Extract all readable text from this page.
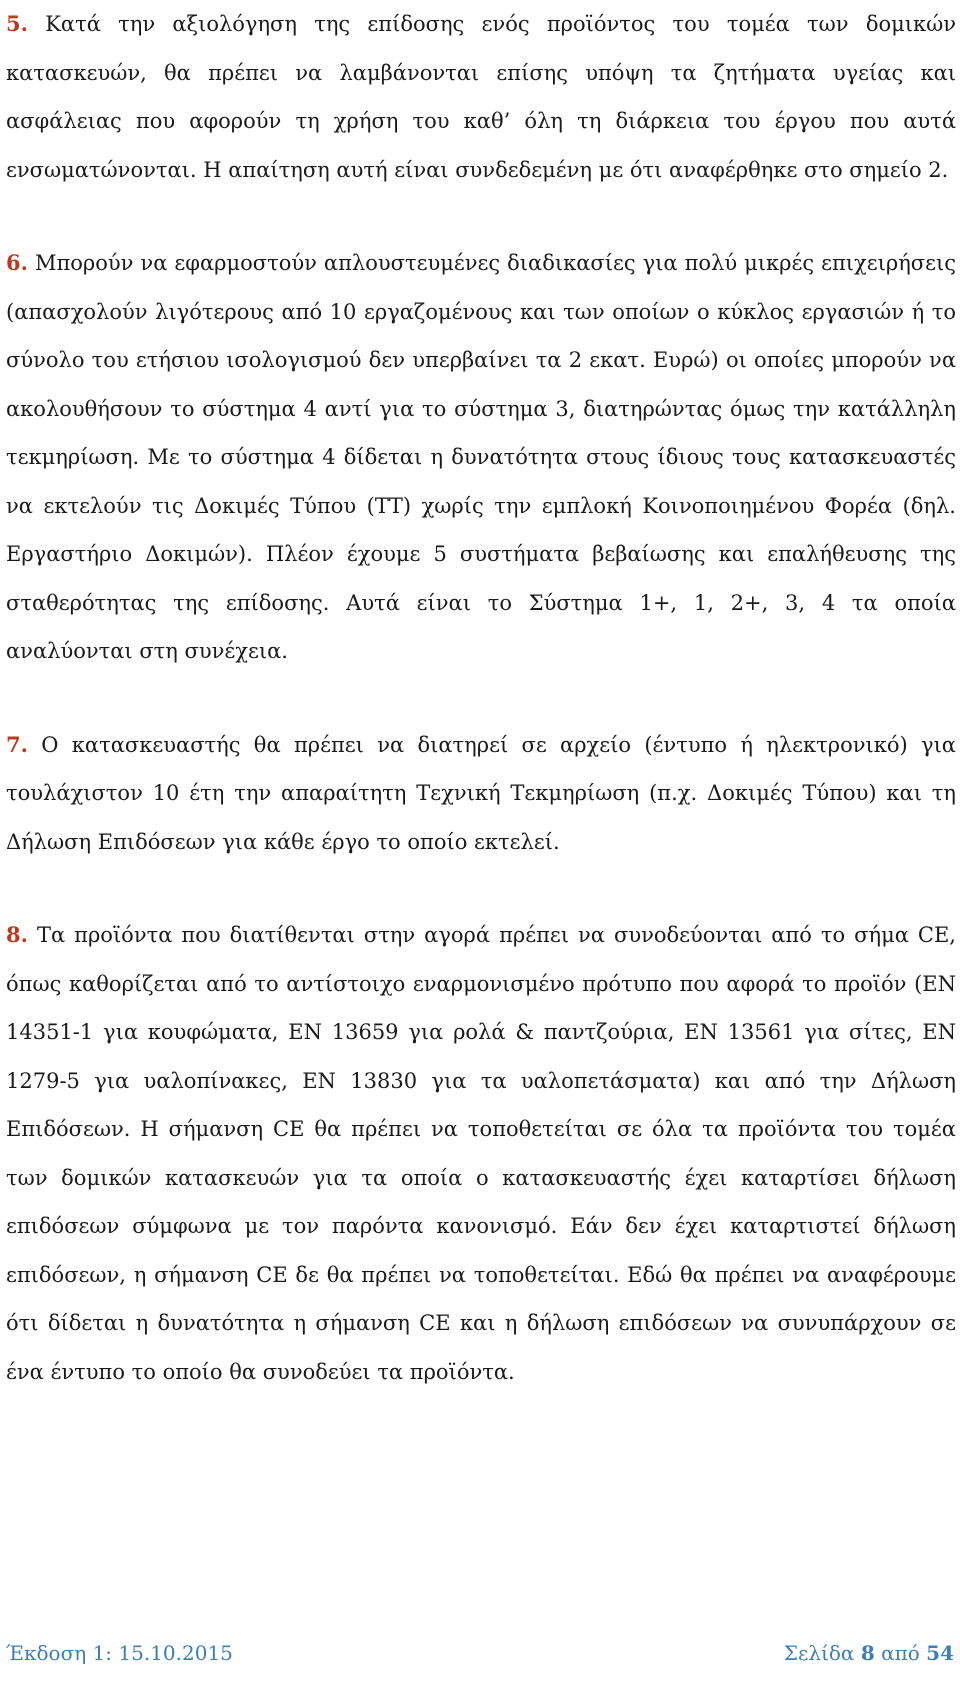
5. Κατά την αξιολόγηση της επίδοσης ενός προϊόντος του τομέα των δομικών κατασκευών, θα πρέπει να λαμβάνονται επίσης υπόψη τα ζητήματα υγείας και ασφάλειας που αφορούν τη χρήση του καθ’ όλη τη διάρκεια του έργου που αυτά ενσωματώνονται. Η απαίτηση αυτή είναι συνδεδεμένη με ότι αναφέρθηκε στο σημείο 2.

6. Μπορούν να εφαρμοστούν απλουστευμένες διαδικασίες για πολύ μικρές επιχειρήσεις (απασχολούν λιγότερους από 10 εργαζομένους και των οποίων ο κύκλος εργασιών ή το σύνολο του ετήσιου ισολογισμού δεν υπερβαίνει τα 2 εκατ. Ευρώ) οι οποίες μπορούν να ακολουθήσουν το σύστημα 4 αντί για το σύστημα 3, διατηρώντας όμως την κατάλληλη τεκμηρίωση. Με το σύστημα 4 δίδεται η δυνατότητα στους ίδιους τους κατασκευαστές να εκτελούν τις Δοκιμές Τύπου (ΤΤ) χωρίς την εμπλοκή Κοινοποιημένου Φορέα (δηλ. Εργαστήριο Δοκιμών). Πλέον έχουμε 5 συστήματα βεβαίωσης και επαλήθευσης της σταθερότητας της επίδοσης. Αυτά είναι το Σύστημα 1+, 1, 2+, 3, 4 τα οποία αναλύονται στη συνέχεια.

7. Ο κατασκευαστής θα πρέπει να διατηρεί σε αρχείο (έντυπο ή ηλεκτρονικό) για τουλάχιστον 10 έτη την απαραίτητη Τεχνική Τεκμηρίωση (π.χ. Δοκιμές Τύπου) και τη Δήλωση Επιδόσεων για κάθε έργο το οποίο εκτελεί.

8. Τα προϊόντα που διατίθενται στην αγορά πρέπει να συνοδεύονται από το σήμα CE, όπως καθορίζεται από το αντίστοιχο εναρμονισμένο πρότυπο που αφορά το προϊόν (ΕΝ 14351-1 για κουφώματα, ΕΝ 13659 για ρολά & παντζούρια, ΕΝ 13561 για σίτες, ΕΝ 1279-5 για υαλοπίνακες, ΕΝ 13830 για τα υαλοπετάσματα) και από την Δήλωση Επιδόσεων. Η σήμανση CE θα πρέπει να τοποθετείται σε όλα τα προϊόντα του τομέα των δομικών κατασκευών για τα οποία ο κατασκευαστής έχει καταρτίσει δήλωση επιδόσεων σύμφωνα με τον παρόντα κανονισμό. Εάν δεν έχει καταρτιστεί δήλωση επιδόσεων, η σήμανση CE δε θα πρέπει να τοποθετείται. Εδώ θα πρέπει να αναφέρουμε ότι δίδεται η δυνατότητα η σήμανση CE και η δήλωση επιδόσεων να συνυπάρχουν σε ένα έντυπο το οποίο θα συνοδεύει τα προϊόντα.

Έκδοση 1: 15.10.2015	Σελίδα 8 από 54
